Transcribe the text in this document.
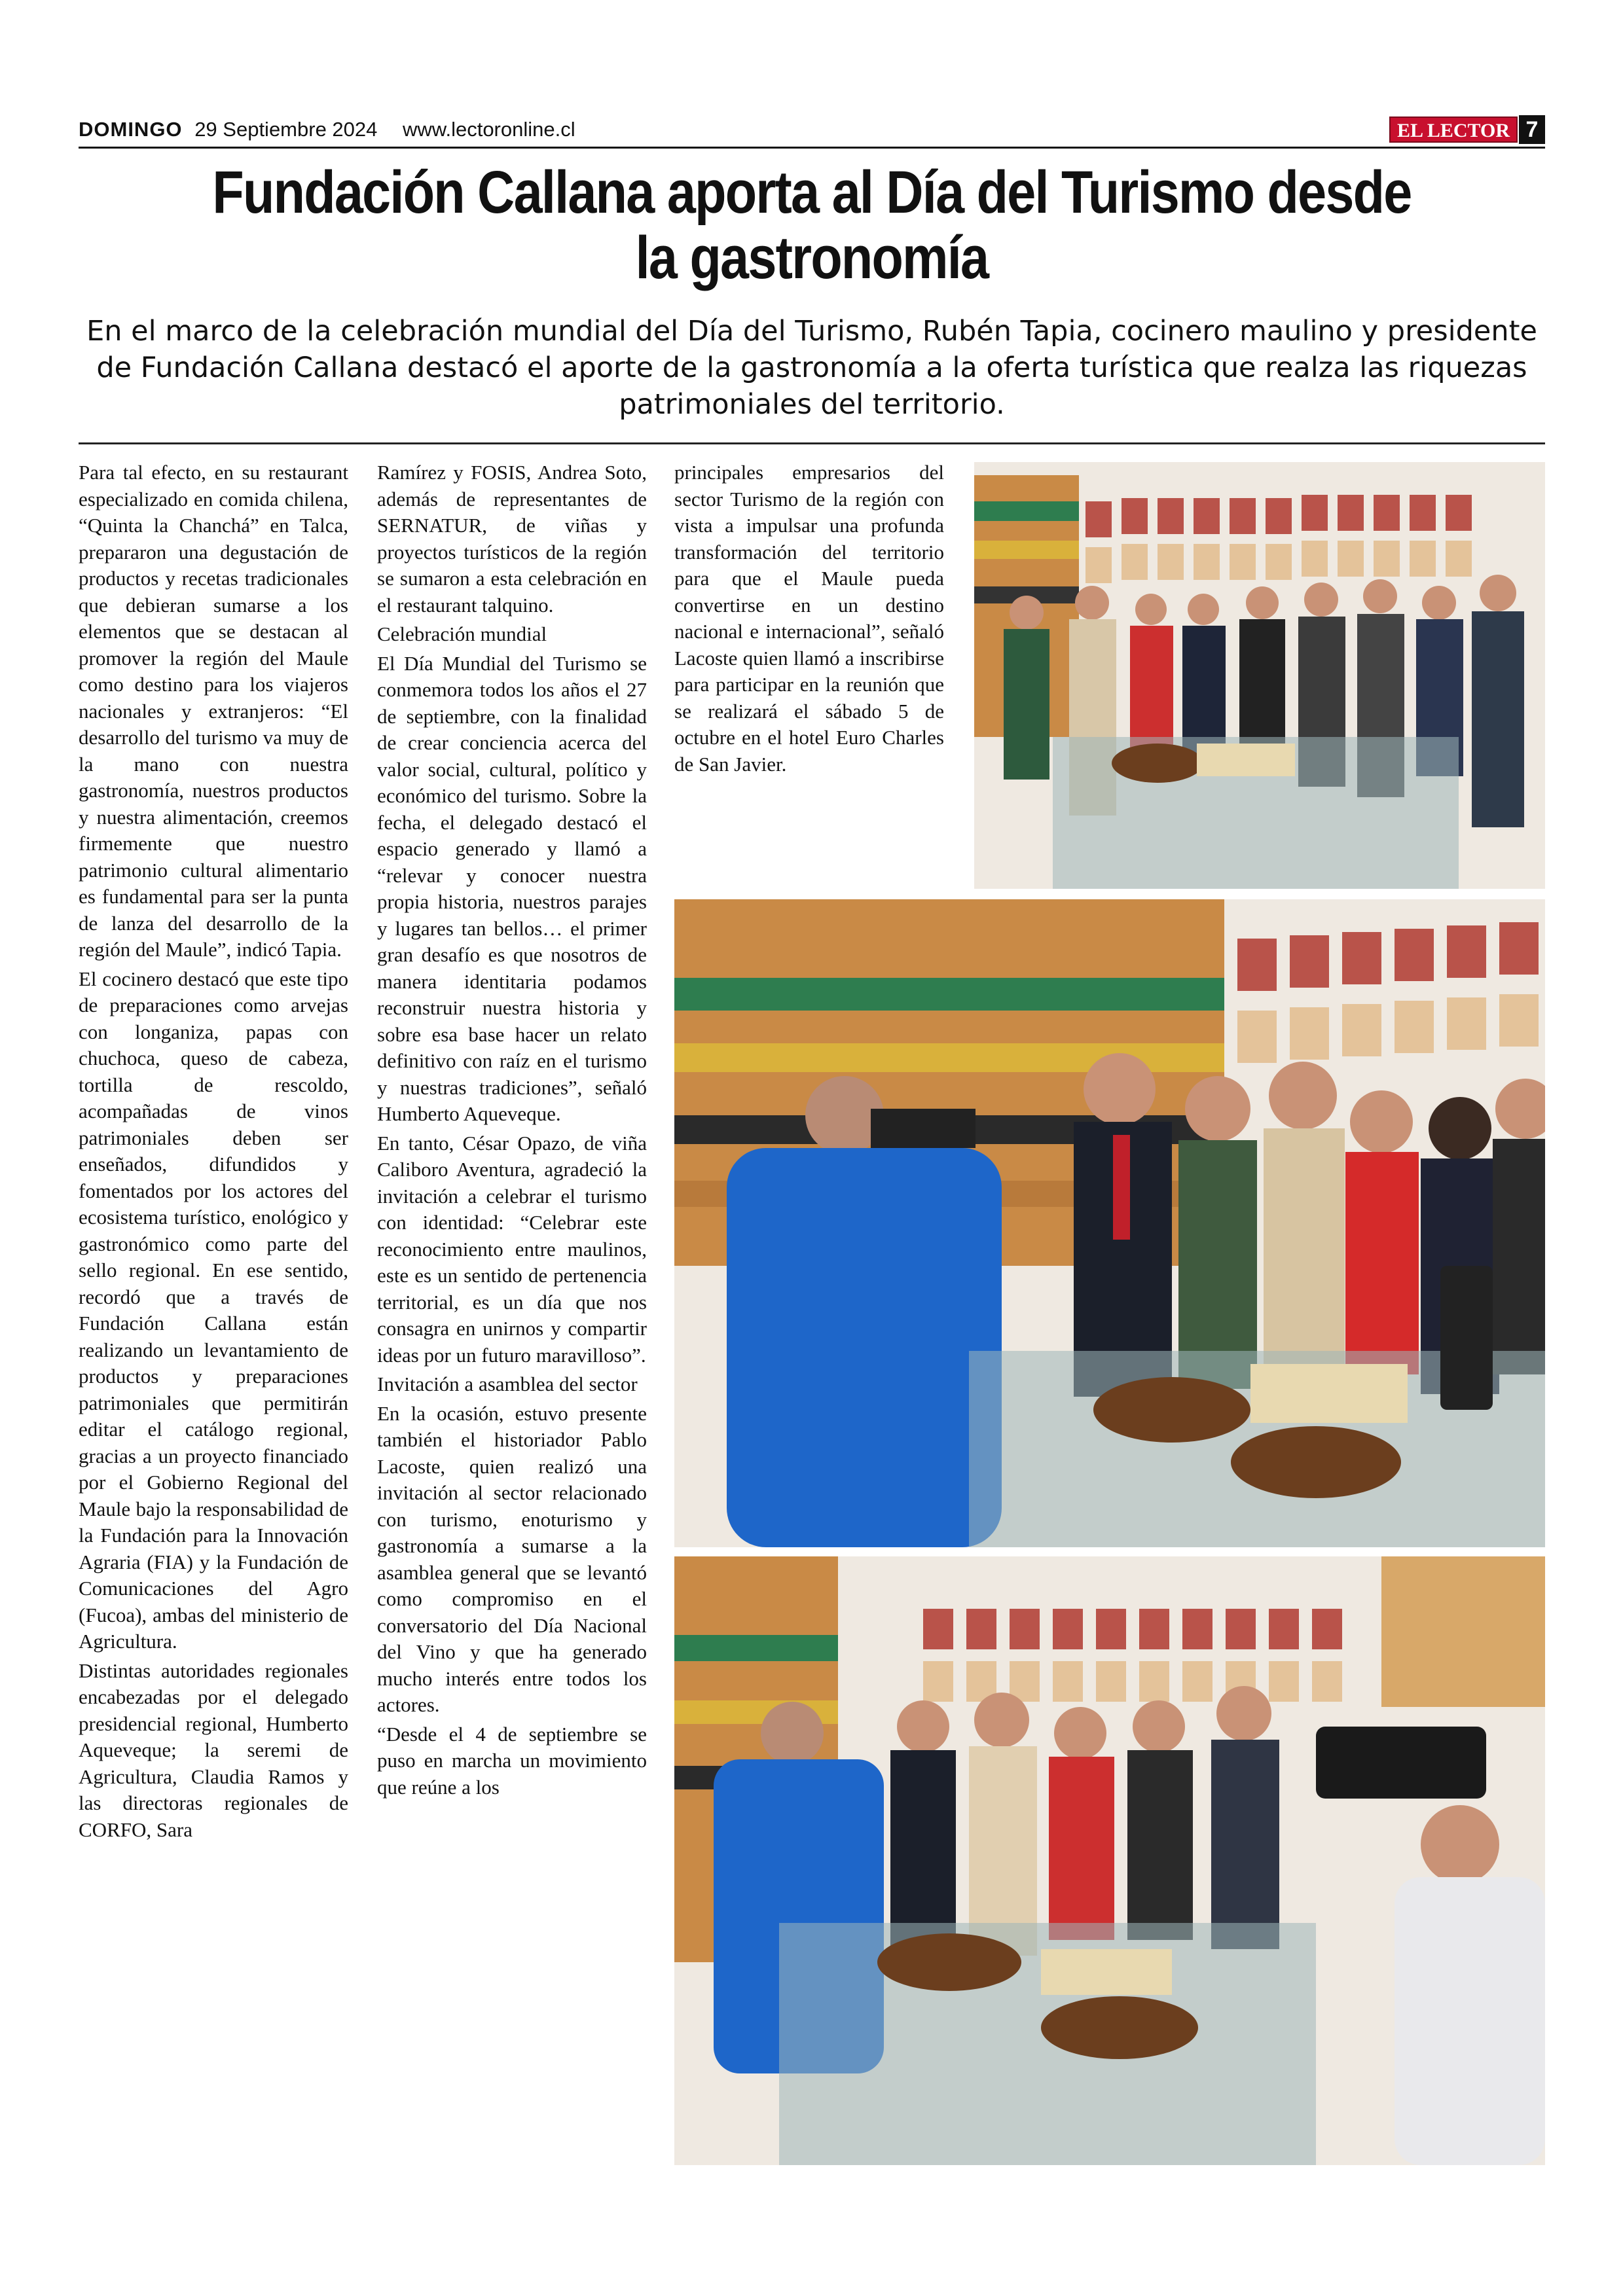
DOMINGO 29 Septiembre 2024 www.lectoronline.cl	EL LECTOR 7
Fundación Callana aporta al Día del Turismo desde la gastronomía

En el marco de la celebración mundial del Día del Turismo, Rubén Tapia, cocinero maulino y presidente de Fundación Callana destacó el aporte de la gastronomía a la oferta turística que realza las riquezas patrimoniales del territorio.

Para tal efecto, en su restaurant especializado en comida chilena, “Quinta la Chanchá” en Talca, prepararon una degustación de productos y recetas tradicionales que debieran sumarse a los elementos que se destacan al promover la región del Maule como destino para los viajeros nacionales y extranjeros: “El desarrollo del turismo va muy de la mano con nuestra gastronomía, nuestros productos y nuestra alimentación, creemos firmemente que nuestro patrimonio cultural alimentario es fundamental para ser la punta de lanza del desarrollo de la región del Maule”, indicó Tapia.

El cocinero destacó que este tipo de preparaciones como arvejas con longaniza, papas con chuchoca, queso de cabeza, tortilla de rescoldo, acompañadas de vinos patrimoniales deben ser enseñados, difundidos y fomentados por los actores del ecosistema turístico, enológico y gastronómico como parte del sello regional. En ese sentido, recordó que a través de Fundación Callana están realizando un levantamiento de productos y preparaciones patrimoniales que permitirán editar el catálogo regional, gracias a un proyecto financiado por el Gobierno Regional del Maule bajo la responsabilidad de la Fundación para la Innovación Agraria (FIA) y la Fundación de Comunicaciones del Agro (Fucoa), ambas del ministerio de Agricultura.

Distintas autoridades regionales encabezadas por el delegado presidencial regional, Humberto Aqueveque; la seremi de Agricultura, Claudia Ramos y las directoras regionales de CORFO, Sara

Ramírez y FOSIS, Andrea Soto, además de representantes de SERNATUR, de viñas y proyectos turísticos de la región se sumaron a esta celebración en el restaurant talquino.

Celebración mundial

El Día Mundial del Turismo se conmemora todos los años el 27 de septiembre, con la finalidad de crear conciencia acerca del valor social, cultural, político y económico del turismo. Sobre la fecha, el delegado destacó el espacio generado y llamó a “relevar y conocer nuestra propia historia, nuestros parajes y lugares tan bellos… el primer gran desafío es que nosotros de manera identitaria podamos reconstruir nuestra historia y sobre esa base hacer un relato definitivo con raíz en el turismo y nuestras tradiciones”, señaló Humberto Aqueveque.

En tanto, César Opazo, de viña Caliboro Aventura, agradeció la invitación a celebrar el turismo con identidad: “Celebrar este reconocimiento entre maulinos, este es un sentido de pertenencia territorial, es un día que nos consagra en unirnos y compartir ideas por un futuro maravilloso”.

Invitación a asamblea del sector

En la ocasión, estuvo presente también el historiador Pablo Lacoste, quien realizó una invitación al sector relacionado con turismo, enoturismo y gastronomía a sumarse a la asamblea general que se levantó como compromiso en el conversatorio del Día Nacional del Vino y que ha generado mucho interés entre todos los actores.

“Desde el 4 de septiembre se puso en marcha un movimiento que reúne a los

principales empresarios del sector Turismo de la región con vista a impulsar una profunda transformación del territorio para que el Maule pueda convertirse en un destino nacional e internacional”, señaló Lacoste quien llamó a inscribirse para participar en la reunión que se realizará el sábado 5 de octubre en el hotel Euro Charles de San Javier.
